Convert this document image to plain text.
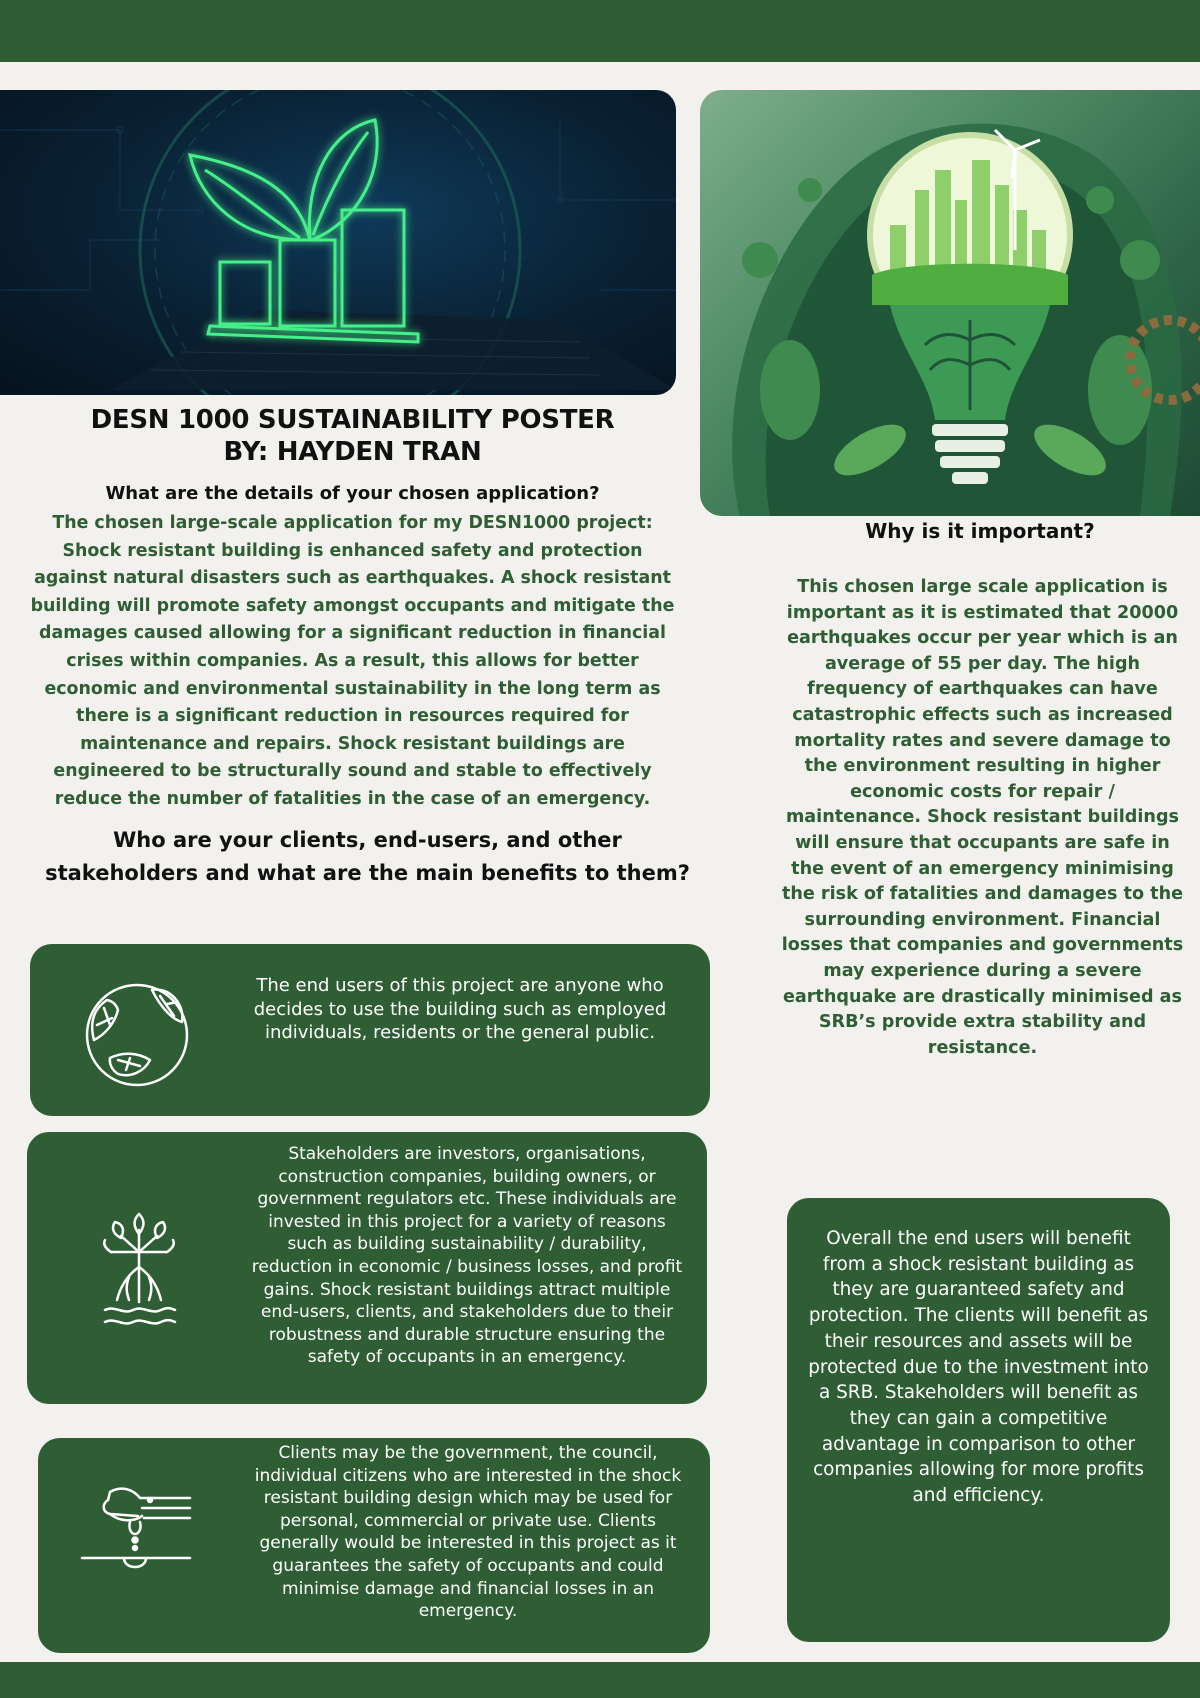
DESN 1000 SUSTAINABILITY POSTER
BY: HAYDEN TRAN
What are the details of your chosen application?
The chosen large-scale application for my DESN1000 project: Shock resistant building is enhanced safety and protection against natural disasters such as earthquakes. A shock resistant building will promote safety amongst occupants and mitigate the damages caused allowing for a significant reduction in financial crises within companies. As a result, this allows for better economic and environmental sustainability in the long term as there is a significant reduction in resources required for maintenance and repairs. Shock resistant buildings are engineered to be structurally sound and stable to effectively reduce the number of fatalities in the case of an emergency.
Who are your clients, end-users, and other stakeholders and what are the main benefits to them?
Why is it important?
This chosen large scale application is important as it is estimated that 20000 earthquakes occur per year which is an average of 55 per day. The high frequency of earthquakes can have catastrophic effects such as increased mortality rates and severe damage to the environment resulting in higher economic costs for repair / maintenance. Shock resistant buildings will ensure that occupants are safe in the event of an emergency minimising the risk of fatalities and damages to the surrounding environment. Financial losses that companies and governments may experience during a severe earthquake are drastically minimised as SRB’s provide extra stability and resistance.
The end users of this project are anyone who decides to use the building such as employed individuals, residents or the general public.
Stakeholders are investors, organisations, construction companies, building owners, or government regulators etc. These individuals are invested in this project for a variety of reasons such as building sustainability / durability, reduction in economic / business losses, and profit gains. Shock resistant buildings attract multiple end-users, clients, and stakeholders due to their robustness and durable structure ensuring the safety of occupants in an emergency.
Clients may be the government, the council, individual citizens who are interested in the shock resistant building design which may be used for personal, commercial or private use. Clients generally would be interested in this project as it guarantees the safety of occupants and could minimise damage and financial losses in an emergency.
Overall the end users will benefit from a shock resistant building as they are guaranteed safety and protection. The clients will benefit as their resources and assets will be protected due to the investment into a SRB. Stakeholders will benefit as they can gain a competitive advantage in comparison to other companies allowing for more profits and efficiency.
